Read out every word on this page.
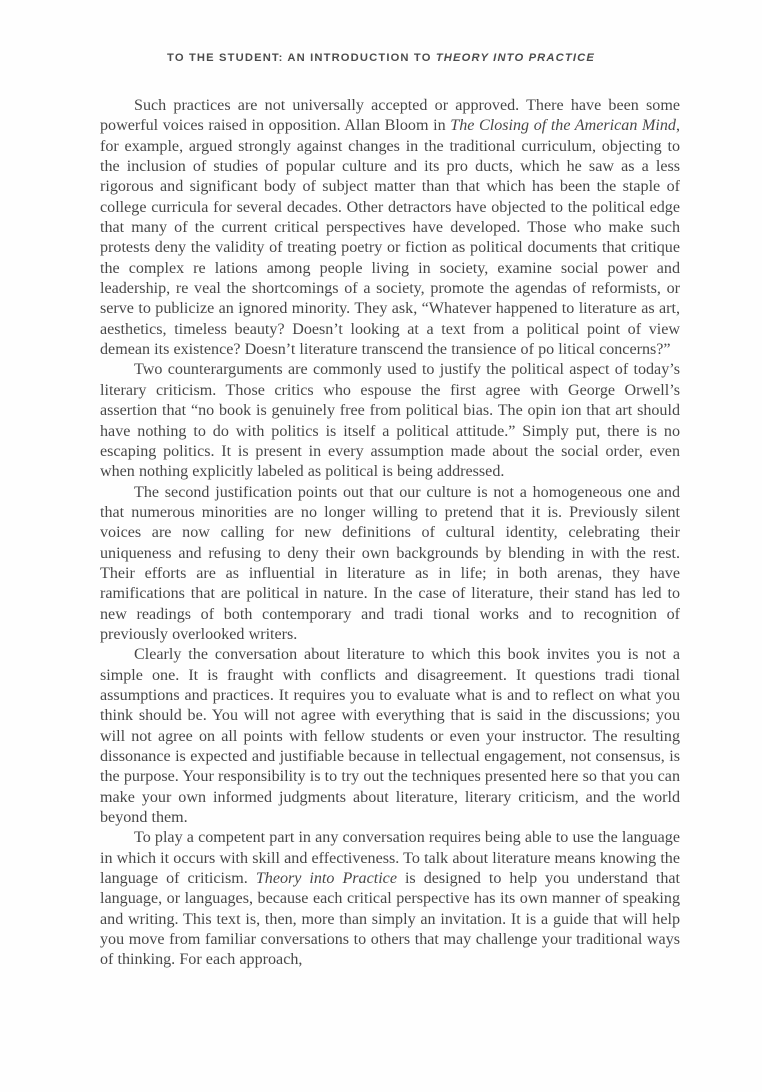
TO THE STUDENT: AN INTRODUCTION TO THEORY INTO PRACTICE

Such practices are not universally accepted or approved. There have been some powerful voices raised in opposition. Allan Bloom in The Closing of the American Mind, for example, argued strongly against changes in the traditional curriculum, objecting to the inclusion of studies of popular culture and its pro ducts, which he saw as a less rigorous and significant body of subject matter than that which has been the staple of college curricula for several decades. Other detractors have objected to the political edge that many of the current critical perspectives have developed. Those who make such protests deny the validity of treating poetry or fiction as political documents that critique the complex re lations among people living in society, examine social power and leadership, re veal the shortcomings of a society, promote the agendas of reformists, or serve to publicize an ignored minority. They ask, “Whatever happened to literature as art, aesthetics, timeless beauty? Doesn’t looking at a text from a political point of view demean its existence? Doesn’t literature transcend the transience of po litical concerns?”

Two counterarguments are commonly used to justify the political aspect of today’s literary criticism. Those critics who espouse the first agree with George Orwell’s assertion that “no book is genuinely free from political bias. The opin ion that art should have nothing to do with politics is itself a political attitude.” Simply put, there is no escaping politics. It is present in every assumption made about the social order, even when nothing explicitly labeled as political is being addressed.

The second justification points out that our culture is not a homogeneous one and that numerous minorities are no longer willing to pretend that it is. Previously silent voices are now calling for new definitions of cultural identity, celebrating their uniqueness and refusing to deny their own backgrounds by blending in with the rest. Their efforts are as influential in literature as in life; in both arenas, they have ramifications that are political in nature. In the case of literature, their stand has led to new readings of both contemporary and tradi tional works and to recognition of previously overlooked writers.

Clearly the conversation about literature to which this book invites you is not a simple one. It is fraught with conflicts and disagreement. It questions tradi tional assumptions and practices. It requires you to evaluate what is and to reflect on what you think should be. You will not agree with everything that is said in the discussions; you will not agree on all points with fellow students or even your instructor. The resulting dissonance is expected and justifiable because in tellectual engagement, not consensus, is the purpose. Your responsibility is to try out the techniques presented here so that you can make your own informed judgments about literature, literary criticism, and the world beyond them.

To play a competent part in any conversation requires being able to use the language in which it occurs with skill and effectiveness. To talk about literature means knowing the language of criticism. Theory into Practice is designed to help you understand that language, or languages, because each critical perspective has its own manner of speaking and writing. This text is, then, more than simply an invitation. It is a guide that will help you move from familiar conversations to others that may challenge your traditional ways of thinking. For each approach,
